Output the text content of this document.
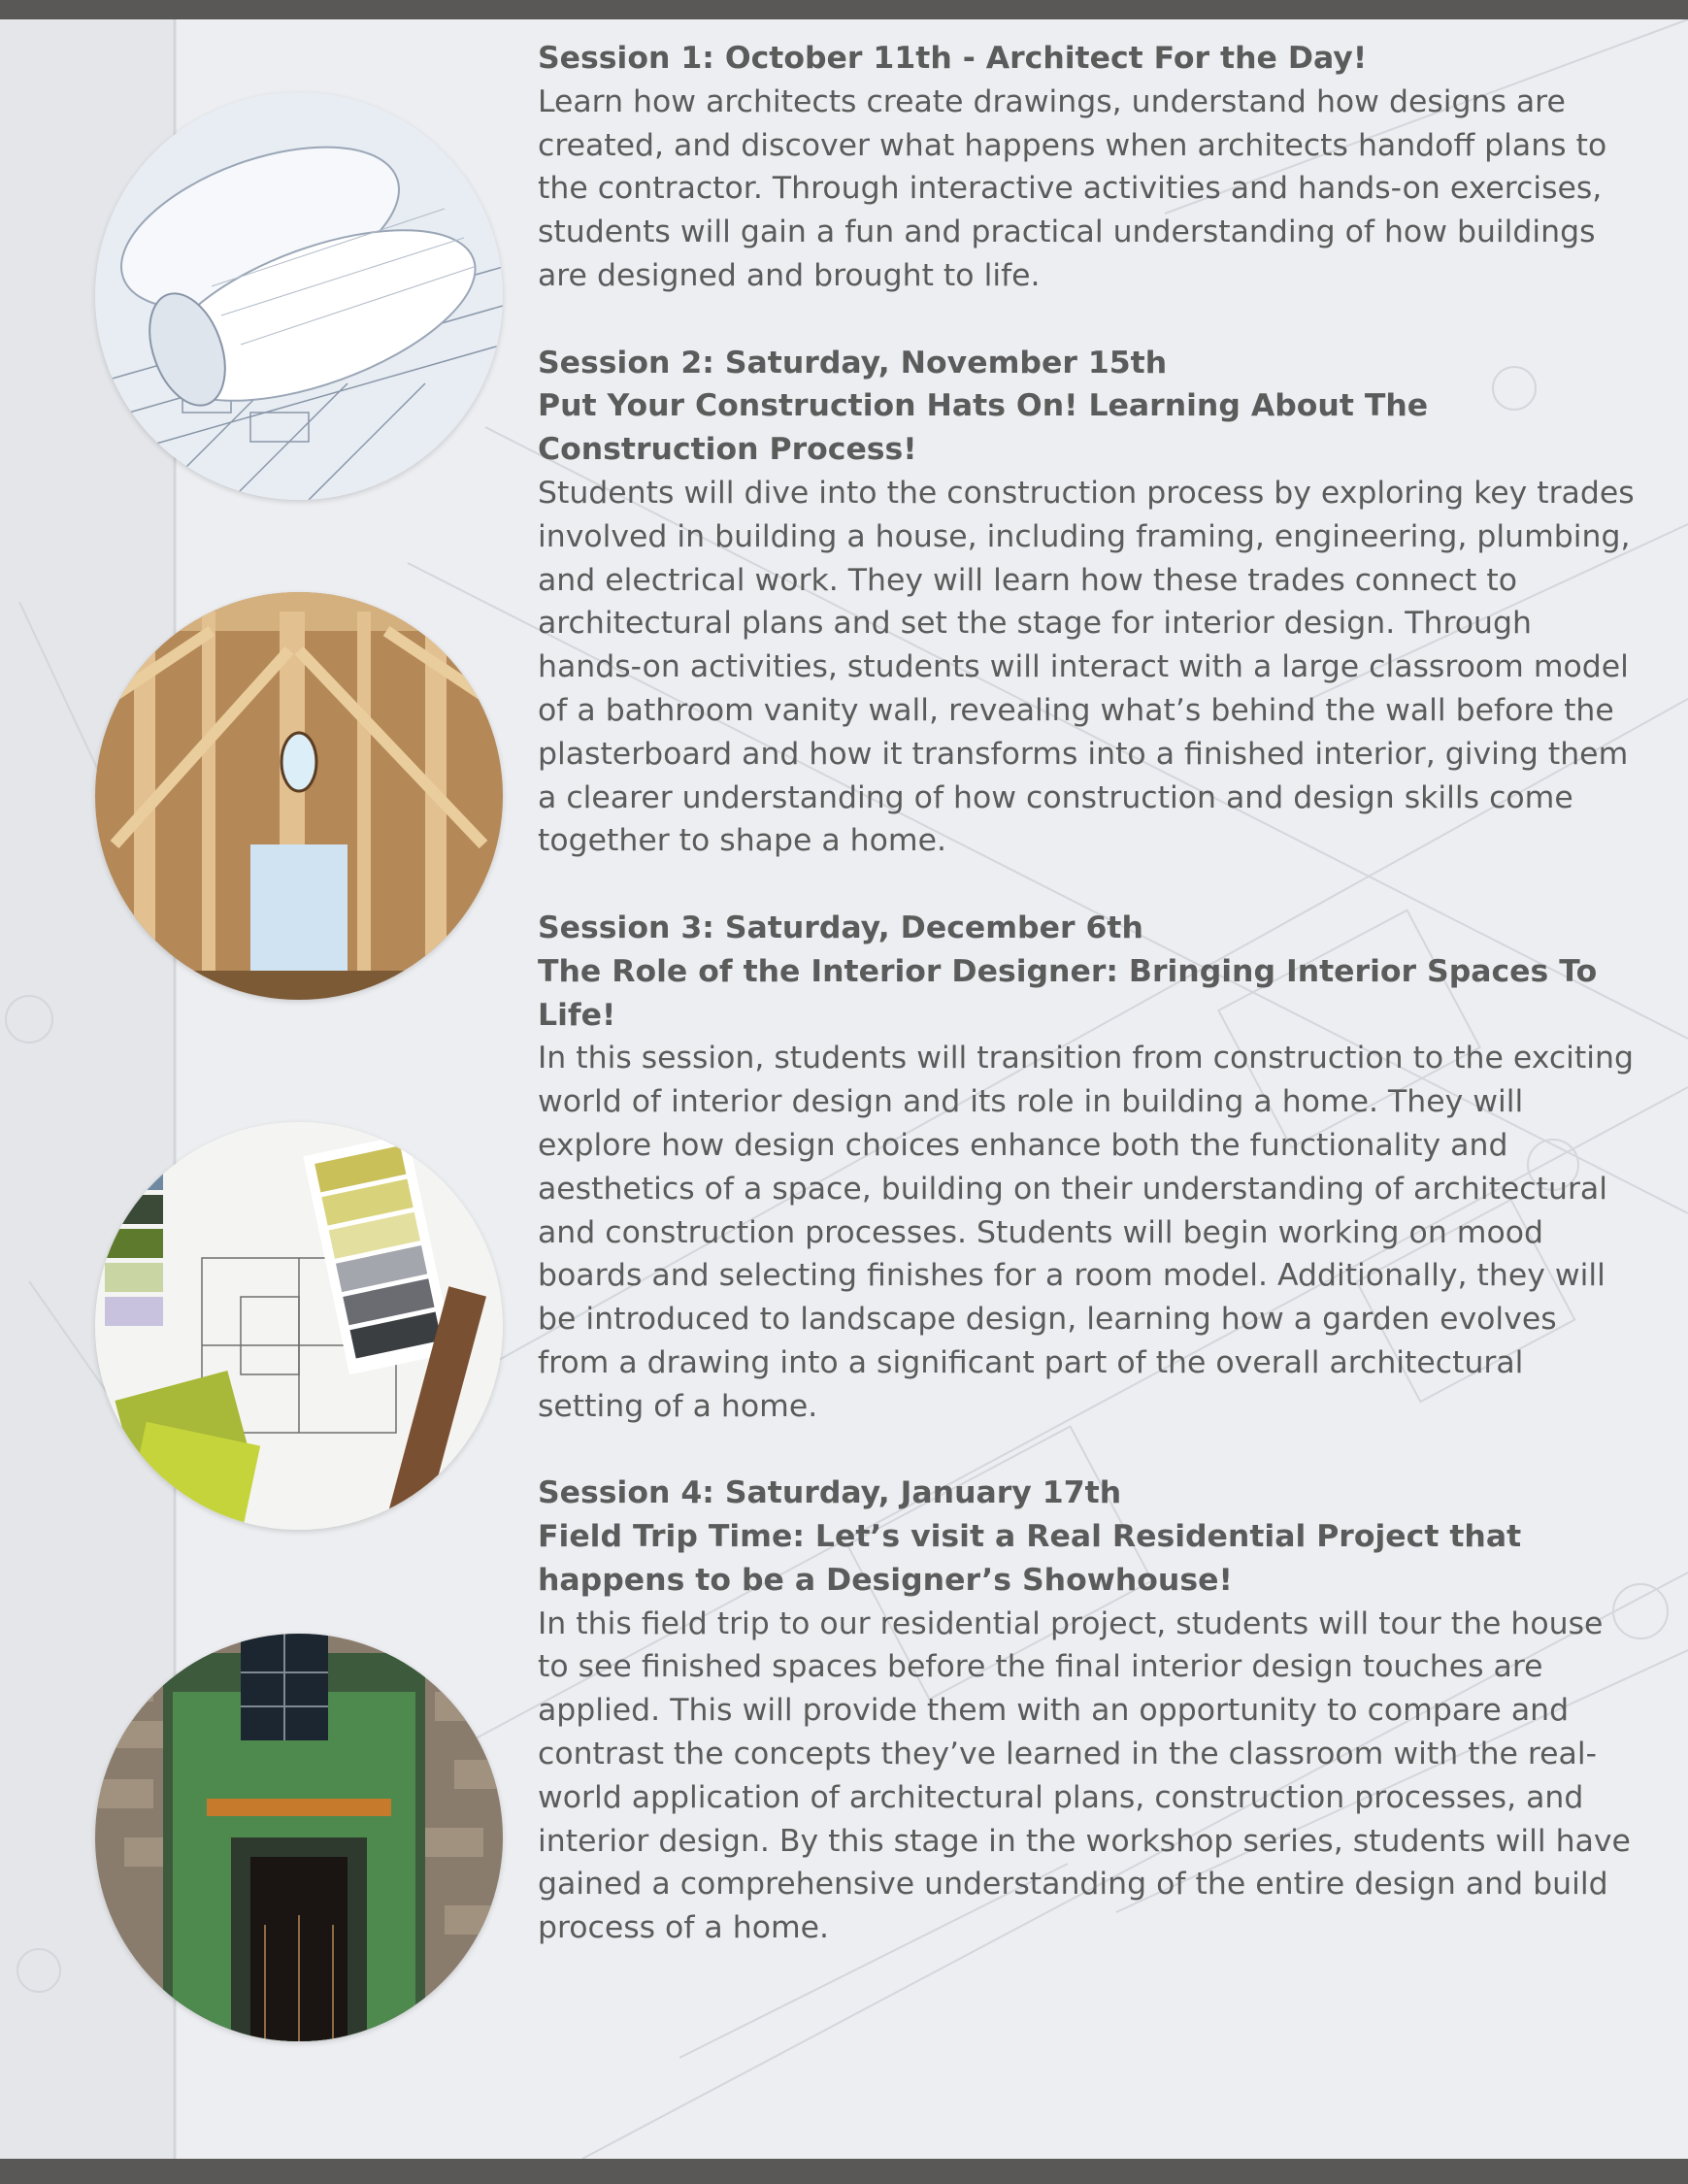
Session 1: October 11th - Architect For the Day!

Learn how architects create drawings, understand how designs are created, and discover what happens when architects handoff plans to the contractor. Through interactive activities and hands-on exercises, students will gain a fun and practical understanding of how buildings are designed and brought to life.

Session 2: Saturday, November 15th

Put Your Construction Hats On! Learning About The Construction Process!

Students will dive into the construction process by exploring key trades involved in building a house, including framing, engineering, plumbing, and electrical work. They will learn how these trades connect to architectural plans and set the stage for interior design. Through hands-on activities, students will interact with a large classroom model of a bathroom vanity wall, revealing what’s behind the wall before the plasterboard and how it transforms into a finished interior, giving them a clearer understanding of how construction and design skills come together to shape a home.

Session 3: Saturday, December 6th

The Role of the Interior Designer: Bringing Interior Spaces To Life!

In this session, students will transition from construction to the exciting world of interior design and its role in building a home. They will explore how design choices enhance both the functionality and aesthetics of a space, building on their understanding of architectural and construction processes. Students will begin working on mood boards and selecting finishes for a room model. Additionally, they will be introduced to landscape design, learning how a garden evolves from a drawing into a significant part of the overall architectural setting of a home.

Session 4: Saturday, January 17th

Field Trip Time: Let’s visit a Real Residential Project that happens to be a Designer’s Showhouse!

In this field trip to our residential project, students will tour the house to see finished spaces before the final interior design touches are applied. This will provide them with an opportunity to compare and contrast the concepts they’ve learned in the classroom with the real-world application of architectural plans, construction processes, and interior design. By this stage in the workshop series, students will have gained a comprehensive understanding of the entire design and build process of a home.
